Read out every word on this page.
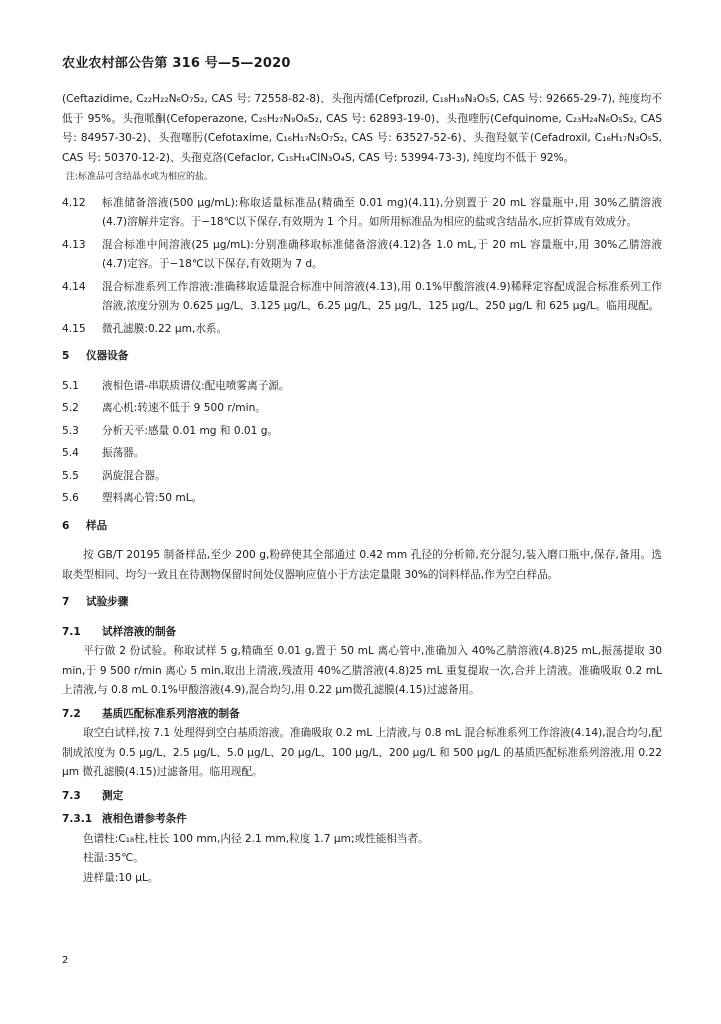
农业农村部公告第 316 号—5—2020

(Ceftazidime, C₂₂H₂₂N₆O₇S₂, CAS 号: 72558-82-8)、头孢丙烯(Cefprozil, C₁₈H₁₉N₃O₅S, CAS 号: 92665-29-7), 纯度均不低于 95%。头孢哌酮(Cefoperazone, C₂₅H₂₇N₉O₈S₂, CAS 号: 62893-19-0)、头孢喹肟(Cefquinome, C₂₃H₂₄N₆O₅S₂, CAS 号: 84957-30-2)、头孢噻肟(Cefotaxime, C₁₆H₁₇N₅O₇S₂, CAS 号: 63527-52-6)、头孢羟氨苄(Cefadroxil, C₁₆H₁₇N₃O₅S, CAS 号: 50370-12-2)、头孢克洛(Cefaclor, C₁₅H₁₄ClN₃O₄S, CAS 号: 53994-73-3), 纯度均不低于 92%。

注:标准品可含结晶水或为相应的盐。

4.12	标准储备溶液(500 μg/mL):称取适量标准品(精确至 0.01 mg)(4.11),分别置于 20 mL 容量瓶中,用 30%乙腈溶液(4.7)溶解并定容。于−18℃以下保存,有效期为 1 个月。如所用标准品为相应的盐或含结晶水,应折算成有效成分。
4.13	混合标准中间溶液(25 μg/mL):分别准确移取标准储备溶液(4.12)各 1.0 mL,于 20 mL 容量瓶中,用 30%乙腈溶液(4.7)定容。于−18℃以下保存,有效期为 7 d。
4.14	混合标准系列工作溶液:准确移取适量混合标准中间溶液(4.13),用 0.1%甲酸溶液(4.9)稀释定容配成混合标准系列工作溶液,浓度分别为 0.625 μg/L、3.125 μg/L、6.25 μg/L、25 μg/L、125 μg/L、250 μg/L 和 625 μg/L。临用现配。
4.15	微孔滤膜:0.22 μm,水系。
5	仪器设备
5.1	液相色谱-串联质谱仪:配电喷雾离子源。
5.2	离心机:转速不低于 9 500 r/min。
5.3	分析天平:感量 0.01 mg 和 0.01 g。
5.4	振荡器。
5.5	涡旋混合器。
5.6	塑料离心管:50 mL。
6	样品

按 GB/T 20195 制备样品,至少 200 g,粉碎使其全部通过 0.42 mm 孔径的分析筛,充分混匀,装入磨口瓶中,保存,备用。选取类型相同、均匀一致且在待测物保留时间处仪器响应值小于方法定量限 30%的饲料样品,作为空白样品。

7	试验步骤
7.1	试样溶液的制备

平行做 2 份试验。称取试样 5 g,精确至 0.01 g,置于 50 mL 离心管中,准确加入 40%乙腈溶液(4.8)25 mL,振荡提取 30 min,于 9 500 r/min 离心 5 min,取出上清液,残渣用 40%乙腈溶液(4.8)25 mL 重复提取一次,合并上清液。准确吸取 0.2 mL 上清液,与 0.8 mL 0.1%甲酸溶液(4.9),混合均匀,用 0.22 μm微孔滤膜(4.15)过滤备用。

7.2	基质匹配标准系列溶液的制备

取空白试样,按 7.1 处理得到空白基质溶液。准确吸取 0.2 mL 上清液,与 0.8 mL 混合标准系列工作溶液(4.14),混合均匀,配制成浓度为 0.5 μg/L、2.5 μg/L、5.0 μg/L、20 μg/L、100 μg/L、200 μg/L 和 500 μg/L 的基质匹配标准系列溶液,用 0.22 μm 微孔滤膜(4.15)过滤备用。临用现配。

7.3	测定
7.3.1 液相色谱参考条件

色谱柱:C₁₈柱,柱长 100 mm,内径 2.1 mm,粒度 1.7 μm;或性能相当者。

柱温:35℃。

进样量:10 μL。

2
